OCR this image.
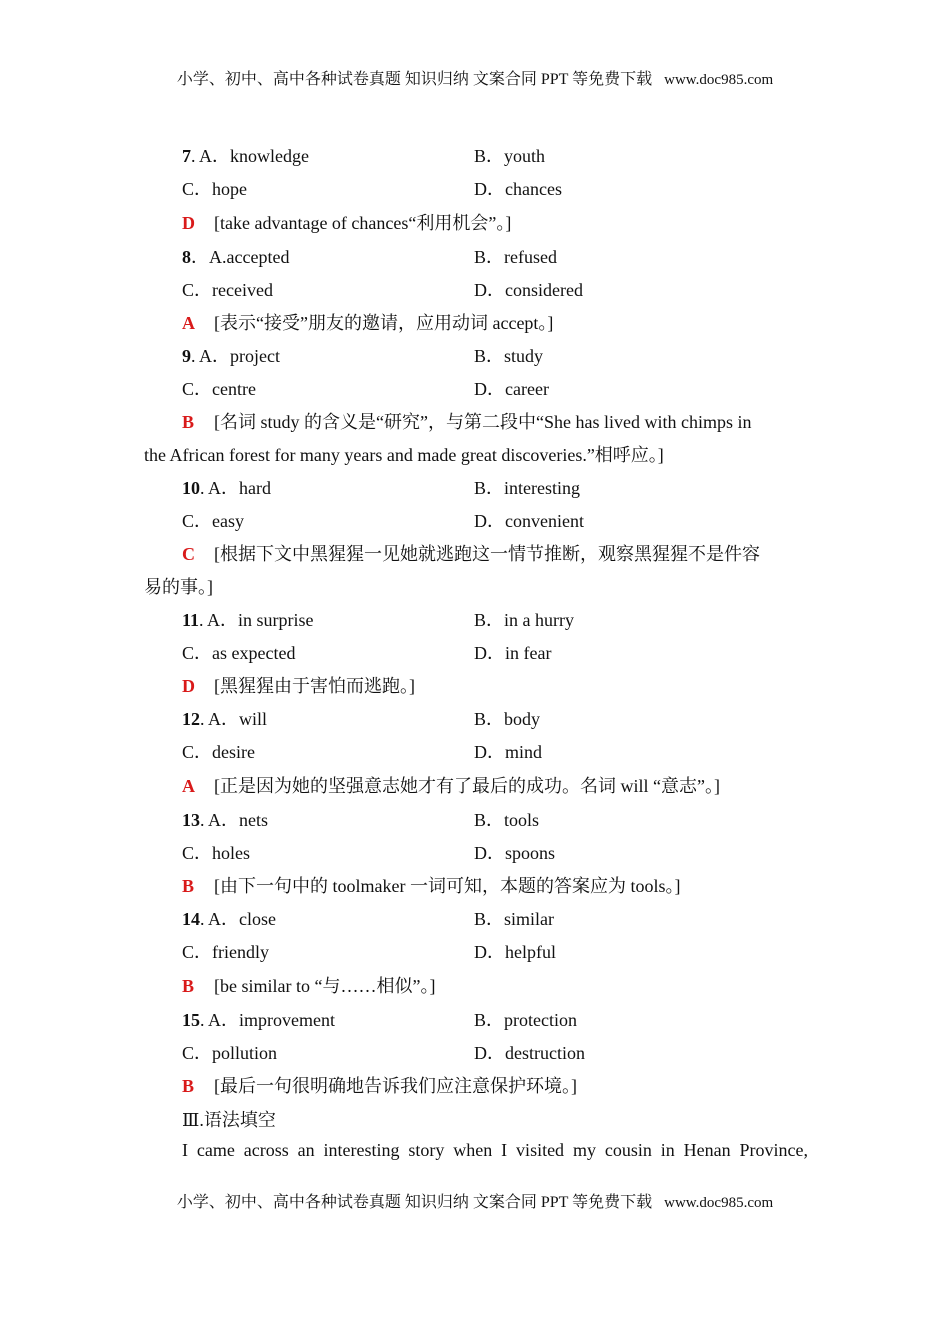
小学、初中、高中各种试卷真题 知识归纳 文案合同 PPT 等免费下载 www.doc985.com
7. A．knowledge	B．youth
C．hope	D．chances
D [take advantage of chances“利用机会”。]
8．A.accepted	B．refused
C．received	D．considered
A [表示“接受”朋友的邀请，应用动词 accept。]
9. A．project	B．study
C．centre	D．career
B [名词 study 的含义是“研究”，与第二段中“She has lived with chimps in
the African forest for many years and made great discoveries.”相呼应。]
10. A．hard	B．interesting
C．easy	D．convenient
C [根据下文中黑猩猩一见她就逃跑这一情节推断，观察黑猩猩不是件容
易的事。]
11. A．in surprise	B．in a hurry
C．as expected	D．in fear
D [黑猩猩由于害怕而逃跑。]
12. A．will	B．body
C．desire	D．mind
A [正是因为她的坚强意志她才有了最后的成功。名词 will “意志”。]
13. A．nets	B．tools
C．holes	D．spoons
B [由下一句中的 toolmaker 一词可知，本题的答案应为 tools。]
14. A．close	B．similar
C．friendly	D．helpful
B [be similar to “与……相似”。]
15. A．improvement	B．protection
C．pollution	D．destruction
B [最后一句很明确地告诉我们应注意保护环境。]
Ⅲ.语法填空
I came across an interesting story when I visited my cousin in Henan Province,
小学、初中、高中各种试卷真题 知识归纳 文案合同 PPT 等免费下载 www.doc985.com
